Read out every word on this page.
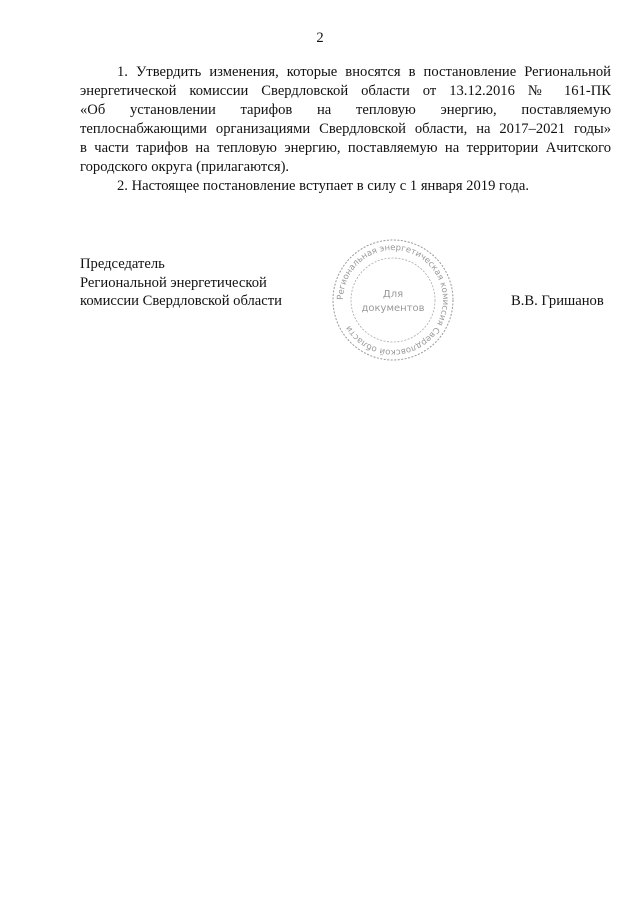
2
1. Утвердить изменения, которые вносятся в постановление Региональной
энергетической комиссии Свердловской области от 13.12.2016 № 161-ПК
«Об установлении тарифов на тепловую энергию, поставляемую
теплоснабжающими организациями Свердловской области, на 2017–2021 годы»
в части тарифов на тепловую энергию, поставляемую на территории Ачитского
городского округа (прилагаются).
2. Настоящее постановление вступает в силу с 1 января 2019 года.
Председатель
Региональной энергетической
комиссии Свердловской области	В.В. Гришанов
Региональная энергетическая комиссия Свердловской области
Для
документов
